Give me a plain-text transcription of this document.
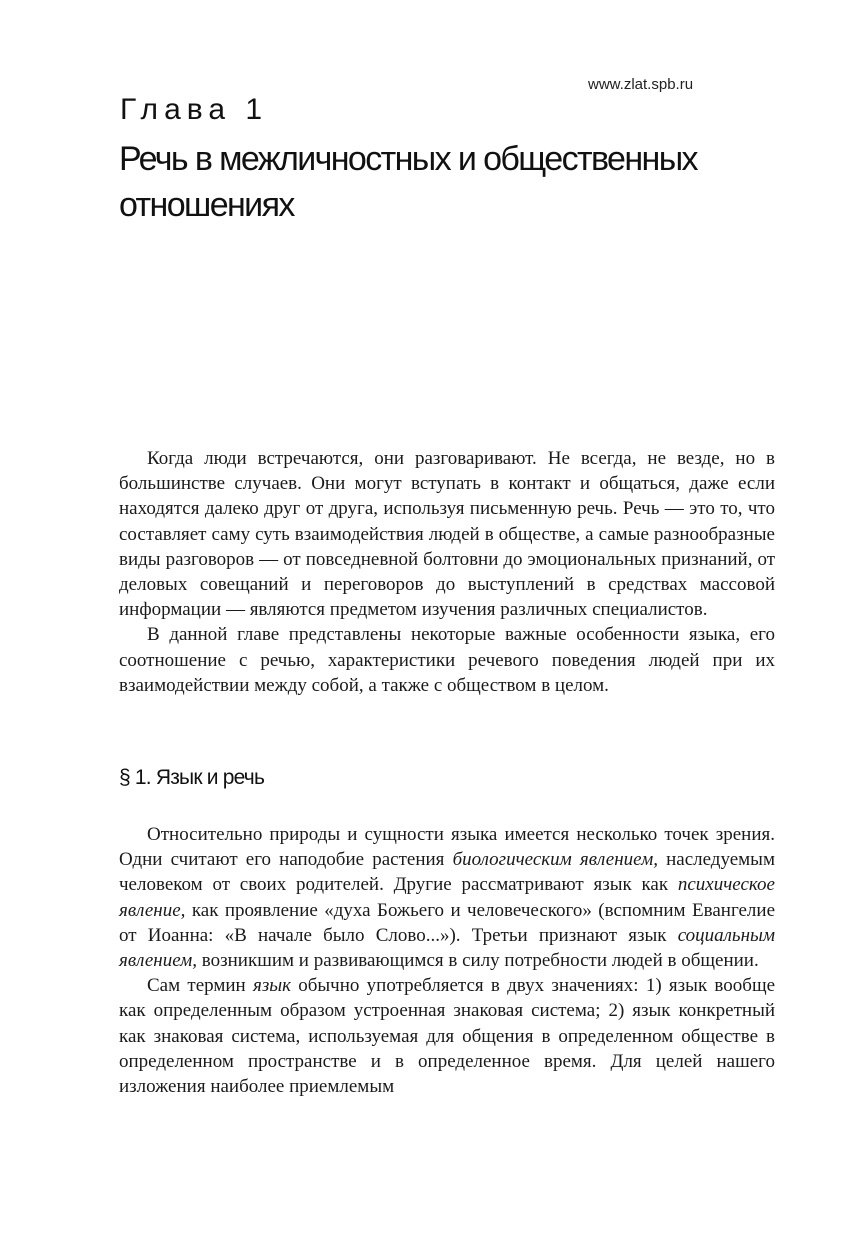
www.zlat.spb.ru
Глава 1
Речь в межличностных и общественных отношениях

Когда люди встречаются, они разговаривают. Не всегда, не везде, но в большинстве случаев. Они могут вступать в контакт и общаться, даже если находятся далеко друг от друга, используя письменную речь. Речь — это то, что составляет саму суть взаимодействия людей в обществе, а самые разнообразные виды разговоров — от повседневной болтовни до эмоциональных признаний, от деловых совещаний и переговоров до выступлений в средствах массовой информации — являются предметом изучения различных специалистов.

В данной главе представлены некоторые важные особенности языка, его соотношение с речью, характеристики речевого поведения людей при их взаимодействии между собой, а также с обществом в целом.

§ 1. Язык и речь

Относительно природы и сущности языка имеется несколько точек зрения. Одни считают его наподобие растения биологическим явлением, наследуемым человеком от своих родителей. Другие рассматривают язык как психическое явление, как проявление «духа Божьего и человеческого» (вспомним Евангелие от Иоанна: «В начале было Слово...»). Третьи признают язык социальным явлением, возникшим и развивающимся в силу потребности людей в общении.

Сам термин язык обычно употребляется в двух значениях: 1) язык вообще как определенным образом устроенная знаковая система; 2) язык конкретный как знаковая система, используемая для общения в определенном обществе в определенном пространстве и в определенное время. Для целей нашего изложения наиболее приемлемым
